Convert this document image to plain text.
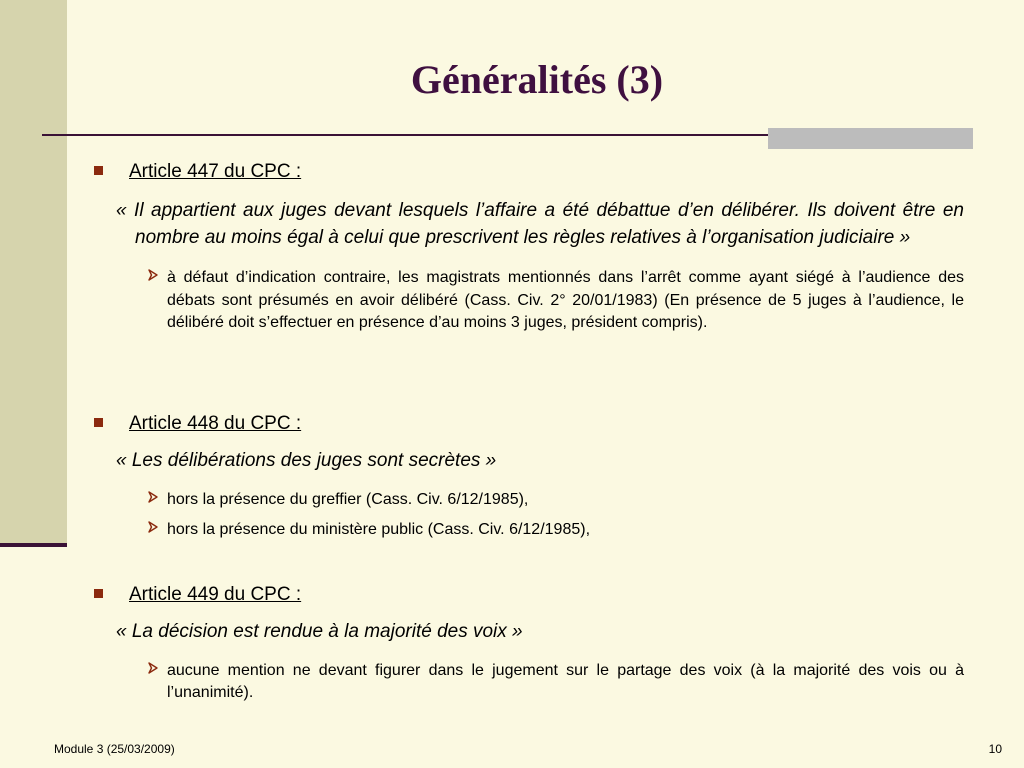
Généralités (3)
Article 447 du CPC :
« Il appartient aux juges devant lesquels l’affaire a été débattue d’en délibérer. Ils doivent être en nombre au moins égal à celui que prescrivent les règles relatives à l’organisation judiciaire »
à défaut d’indication contraire, les magistrats mentionnés dans l’arrêt comme ayant siégé à l’audience des débats sont présumés en avoir délibéré (Cass. Civ. 2° 20/01/1983) (En présence de 5 juges à l’audience, le délibéré doit s’effectuer en présence d’au moins 3 juges, président compris).
Article 448 du CPC :
« Les délibérations des juges sont secrètes »
hors la présence du greffier (Cass. Civ. 6/12/1985),
hors la présence du ministère public (Cass. Civ. 6/12/1985),
Article 449 du CPC :
« La décision est rendue à la majorité des voix »
aucune mention ne devant figurer dans le jugement sur le partage des voix (à la majorité des vois ou à l’unanimité).
Module 3 (25/03/2009)	10
